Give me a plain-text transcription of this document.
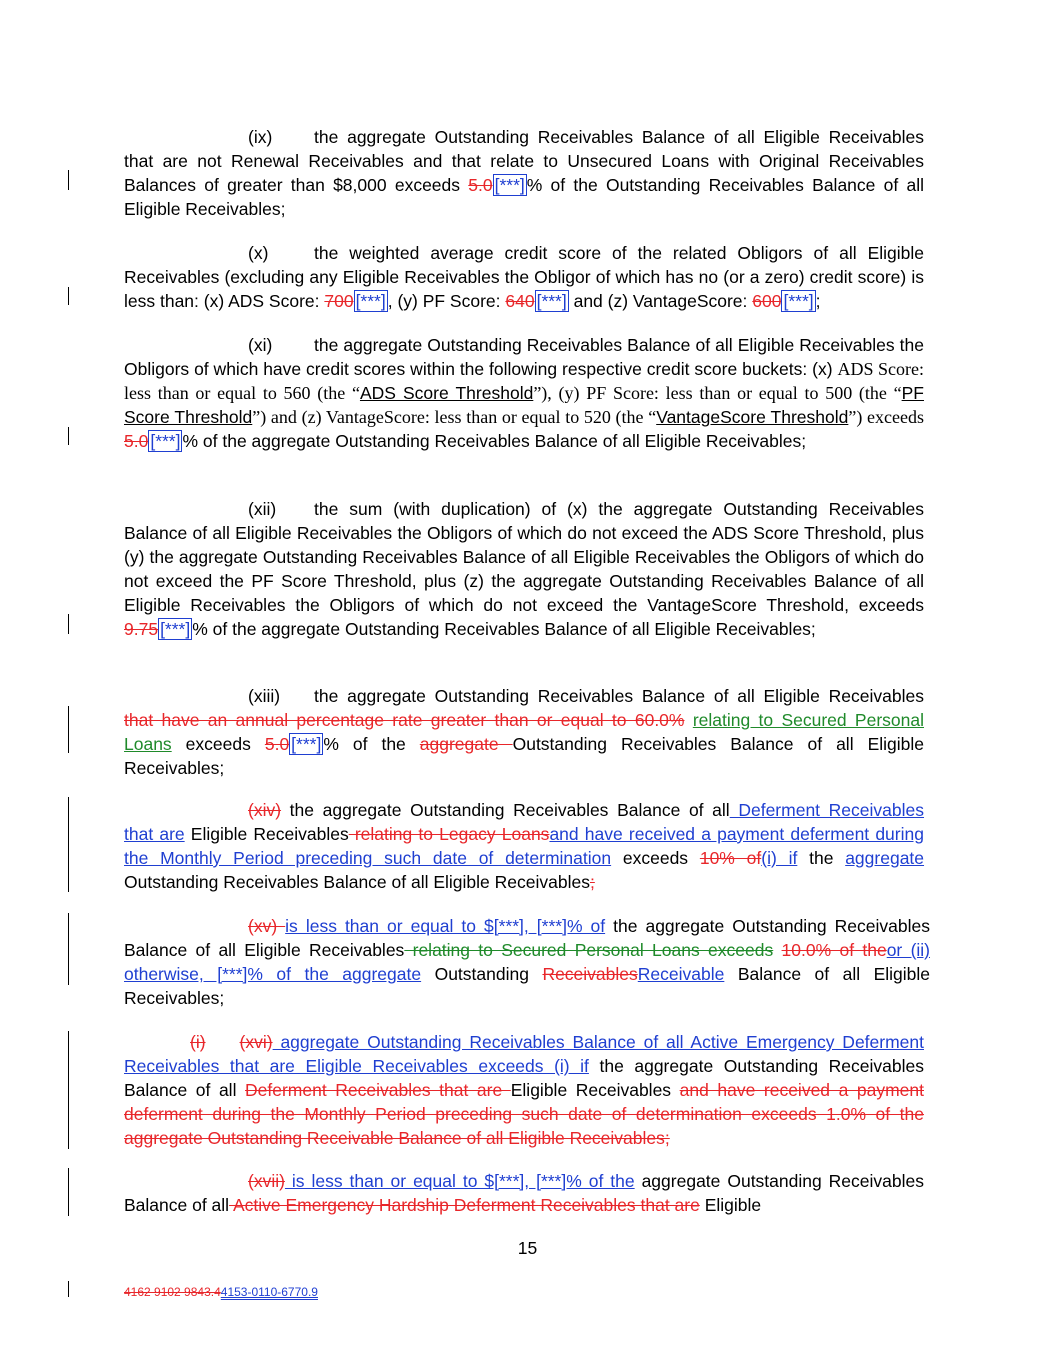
(ix) the aggregate Outstanding Receivables Balance of all Eligible Receivables that are not Renewal Receivables and that relate to Unsecured Loans with Original Receivables Balances of greater than $8,000 exceeds 5.0 [***] % of the Outstanding Receivables Balance of all Eligible Receivables;
(x)	the weighted average credit score of the related Obligors of all Eligible Receivables (excluding any Eligible Receivables the Obligor of which has no (or a zero) credit score) is less than: (x) ADS Score: 700 [***] , (y) PF Score: 640 [***] and (z) VantageScore: 600 [***] ;
(xi) the aggregate Outstanding Receivables Balance of all Eligible Receivables the Obligors of which have credit scores within the following respective credit score buckets: (x) ADS Score: less than or equal to 560 (the “ADS Score Threshold”), (y) PF Score: less than or equal to 500 (the “PF Score Threshold”) and (z) VantageScore: less than or equal to 520 (the “VantageScore Threshold”) exceeds 5.0 [***] % of the aggregate Outstanding Receivables Balance of all Eligible Receivables;
(xii) the sum (with duplication) of (x) the aggregate Outstanding Receivables Balance of all Eligible Receivables the Obligors of which do not exceed the ADS Score Threshold, plus (y) the aggregate Outstanding Receivables Balance of all Eligible Receivables the Obligors of which do not exceed the PF Score Threshold, plus (z) the aggregate Outstanding Receivables Balance of all Eligible Receivables the Obligors of which do not exceed the VantageScore Threshold, exceeds 9.75 [***] % of the aggregate Outstanding Receivables Balance of all Eligible Receivables;
(xiii) the aggregate Outstanding Receivables Balance of all Eligible Receivables that have an annual percentage rate greater than or equal to 60.0% relating to Secured Personal Loans exceeds 5.0 [***] % of the aggregate Outstanding Receivables Balance of all Eligible Receivables;
(xiv) the aggregate Outstanding Receivables Balance of all Deferment Receivables that are Eligible Receivables relating to Legacy Loansand have received a payment deferment during the Monthly Period preceding such date of determination exceeds 10% of(i) if the aggregate Outstanding Receivables Balance of all Eligible Receivables;
(xv) is less than or equal to $[***], [***]% of the aggregate Outstanding Receivables Balance of all Eligible Receivables relating to Secured Personal Loans exceeds 10.0% of theor (ii) otherwise, [***]% of the aggregate Outstanding ReceivablesReceivable Balance of all Eligible Receivables;
(i) (xvi) aggregate Outstanding Receivables Balance of all Active Emergency Deferment Receivables that are Eligible Receivables exceeds (i) if the aggregate Outstanding Receivables Balance of all Deferment Receivables that are Eligible Receivables and have received a payment deferment during the Monthly Period preceding such date of determination exceeds 1.0% of the aggregate Outstanding Receivable Balance of all Eligible Receivables;
(xvii) is less than or equal to $[***], [***]% of the aggregate Outstanding Receivables Balance of all Active Emergency Hardship Deferment Receivables that are Eligible
15
4162 9102 9843.44153-0110-6770.9
